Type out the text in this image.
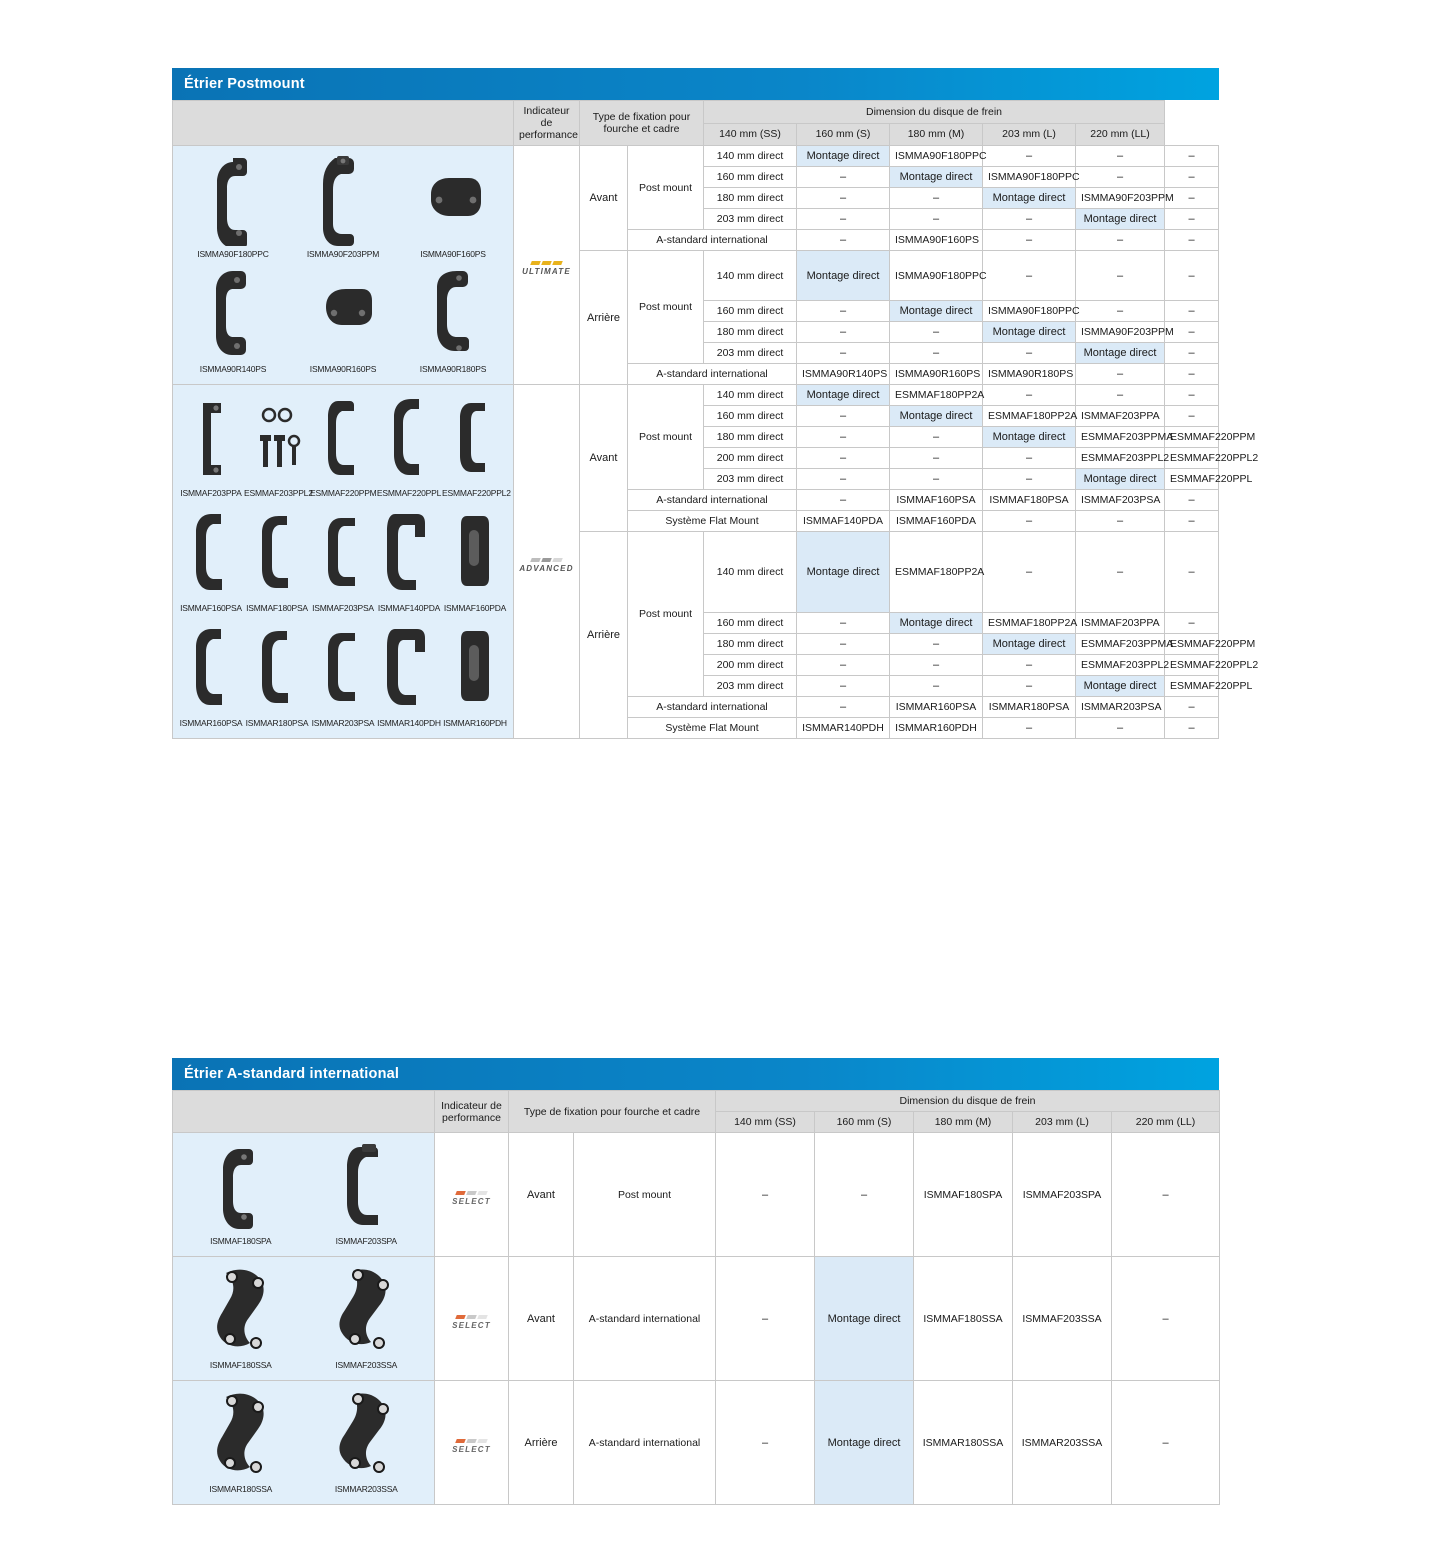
Étrier Postmount
	Indicateur de performance	Type de fixation pour fourche et cadre		Dimension du disque de frein					
				140 mm (SS)	160 mm (S)	180 mm (M)	203 mm (L)	220 mm (LL)	

ISMMA90F180PPC	ISMMA90F203PPM	ISMMA90F160PS
ISMMA90R140PS	ISMMA90R160PS	ISMMA90R180PS

ULTIMATE
	Avant	Post mount	140 mm direct	Montage direct	ISMMA90F180PPC	–	–	–
				160 mm direct	–	Montage direct	ISMMA90F180PPC	–	–
				180 mm direct	–	–	Montage direct	ISMMA90F203PPM	–
				203 mm direct	–	–	–	Montage direct	–
			A-standard international		–	ISMMA90F160PS	–	–	–
		Arrière	Post mount	140 mm direct	Montage direct	ISMMA90F180PPC	–	–	–
				160 mm direct	–	Montage direct	ISMMA90F180PPC	–	–
				180 mm direct	–	–	Montage direct	ISMMA90F203PPM	–
				203 mm direct	–	–	–	Montage direct	–
			A-standard international		ISMMA90R140PS	ISMMA90R160PS	ISMMA90R180PS	–	–

ISMMAF203PPA ESMMAF203PPL2
ESMMAF220PPM ESMMAF220PPL ESMMAF220PPL2
ISMMAF160PSA ISMMAF180PSA ISMMAF203PSA ISMMAF140PDA ISMMAF160PDA
ISMMAR160PSA ISMMAR180PSA ISMMAR203PSA ISMMAR140PDH ISMMAR160PDH

ADVANCED
	Avant	Post mount	140 mm direct	Montage direct	ESMMAF180PP2A	–	–	–
				160 mm direct	–	Montage direct	ESMMAF180PP2A	ISMMAF203PPA	–
				180 mm direct	–	–	Montage direct	ESMMAF203PPMA	ESMMAF220PPM
				200 mm direct	–	–	–	ESMMAF203PPL2	ESMMAF220PPL2
				203 mm direct	–	–	–	Montage direct	ESMMAF220PPL
			A-standard international		–	ISMMAF160PSA	ISMMAF180PSA	ISMMAF203PSA	–
			Système Flat Mount		ISMMAF140PDA	ISMMAF160PDA	–	–	–
		Arrière	Post mount	140 mm direct	Montage direct	ESMMAF180PP2A	–	–	–
				160 mm direct	–	Montage direct	ESMMAF180PP2A	ISMMAF203PPA	–
				180 mm direct	–	–	Montage direct	ESMMAF203PPMA	ESMMAF220PPM
				200 mm direct	–	–	–	ESMMAF203PPL2	ESMMAF220PPL2
				203 mm direct	–	–	–	Montage direct	ESMMAF220PPL
			A-standard international		–	ISMMAR160PSA	ISMMAR180PSA	ISMMAR203PSA	–
			Système Flat Mount		ISMMAR140PDH	ISMMAR160PDH	–	–	–
Étrier A-standard international
	Indicateur de performance	Type de fixation pour fourche et cadre		Dimension du disque de frein				
				140 mm (SS)	160 mm (S)	180 mm (M)	203 mm (L)	220 mm (LL)

ISMMAF180SPA ISMMAF203SPA	SELECT	Avant	Post mount	–	–	ISMMAF180SPA	ISMMAF203SPA	–

ISMMAF180SSA ISMMAF203SSA	SELECT	Avant	A-standard international	–	Montage direct	ISMMAF180SSA	ISMMAF203SSA	–

ISMMAR180SSA ISMMAR203SSA	SELECT	Arrière	A-standard international	–	Montage direct	ISMMAR180SSA	ISMMAR203SSA	–
